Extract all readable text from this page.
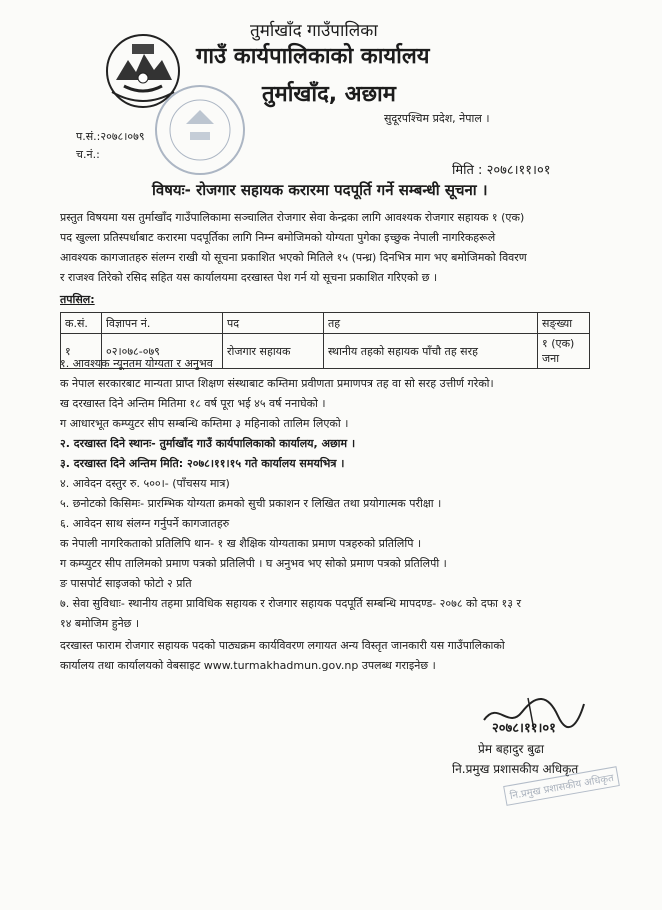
तुर्माखाँद गाउँपालिका
गाउँ कार्यपालिकाको कार्यालय
तुर्माखाँद, अछाम
सुदूरपश्चिम प्रदेश, नेपाल ।
प.सं.:२०७८।०७९
च.नं.:
मिति : २०७८।११।०१
विषयः- रोजगार सहायक करारमा पदपूर्ति गर्ने सम्बन्धी सूचना ।
प्रस्तुत विषयमा यस तुर्माखाँद गाउँपालिकामा सञ्चालित रोजगार सेवा केन्द्रका लागि आवश्यक रोजगार सहायक १ (एक)
पद खुल्ला प्रतिस्पर्धाबाट करारमा पदपूर्तिका लागि निम्न बमोजिमको योग्यता पुगेका इच्छुक नेपाली नागरिकहरूले
आवश्यक कागजातहरु संलग्न राखी यो सूचना प्रकाशित भएको मितिले १५ (पन्ध्र) दिनभित्र माग भए बमोजिमको विवरण
र राजश्व तिरेको रसिद सहित यस कार्यालयमा दरखास्त पेश गर्न यो सूचना प्रकाशित गरिएको छ ।
तपसिल:
क.सं.	विज्ञापन नं.	पद	तह	सङ्ख्या
१	०२।०७८-०७९	रोजगार सहायक	स्थानीय तहको सहायक पाँचौ तह सरह	१ (एक) जना
१. आवश्यक न्यूनतम योग्यता र अनुभव
क नेपाल सरकारबाट मान्यता प्राप्त शिक्षण संस्थाबाट कम्तिमा प्रवीणता प्रमाणपत्र तह वा सो सरह उत्तीर्ण गरेको।
ख दरखास्त दिने अन्तिम मितिमा १८ वर्ष पूरा भई ४५ वर्ष ननाघेको ।
ग आधारभूत कम्प्युटर सीप सम्बन्धि कम्तिमा ३ महिनाको तालिम लिएको ।
२. दरखास्त दिने स्थानः- तुर्माखाँद गाउँ कार्यपालिकाको कार्यालय, अछाम ।
३. दरखास्त दिने अन्तिम मिति: २०७८।११।१५ गते कार्यालय समयभित्र ।
४. आवेदन दस्तुर रु. ५००।- (पाँचसय मात्र)
५. छनोटको किसिमः- प्रारम्भिक योग्यता क्रमको सुची प्रकाशन र लिखित तथा प्रयोगात्मक परीक्षा ।
६. आवेदन साथ संलग्न गर्नुपर्ने कागजातहरु
क नेपाली नागरिकताको प्रतिलिपि थान- १ ख शैक्षिक योग्यताका प्रमाण पत्रहरुको प्रतिलिपि ।
ग कम्प्युटर सीप तालिमको प्रमाण पत्रको प्रतिलिपी । घ अनुभव भए सोको प्रमाण पत्रको प्रतिलिपी ।
ङ पासपोर्ट साइजको फोटो २ प्रति
७. सेवा सुविधाः- स्थानीय तहमा प्राविधिक सहायक र रोजगार सहायक पदपूर्ति सम्बन्धि मापदण्ड- २०७८ को दफा १३ र
१४ बमोजिम हुनेछ ।
दरखास्त फाराम रोजगार सहायक पदको पाठ्यक्रम कार्यविवरण लगायत अन्य विस्तृत जानकारी यस गाउँपालिकाको
कार्यालय तथा कार्यालयको वेबसाइट www.turmakhadmun.gov.np उपलब्ध गराइनेछ ।
२०७८।११।०१
प्रेम बहादुर बुढा
नि.प्रमुख प्रशासकीय अधिकृत
नि.प्रमुख प्रशासकीय अधिकृत
